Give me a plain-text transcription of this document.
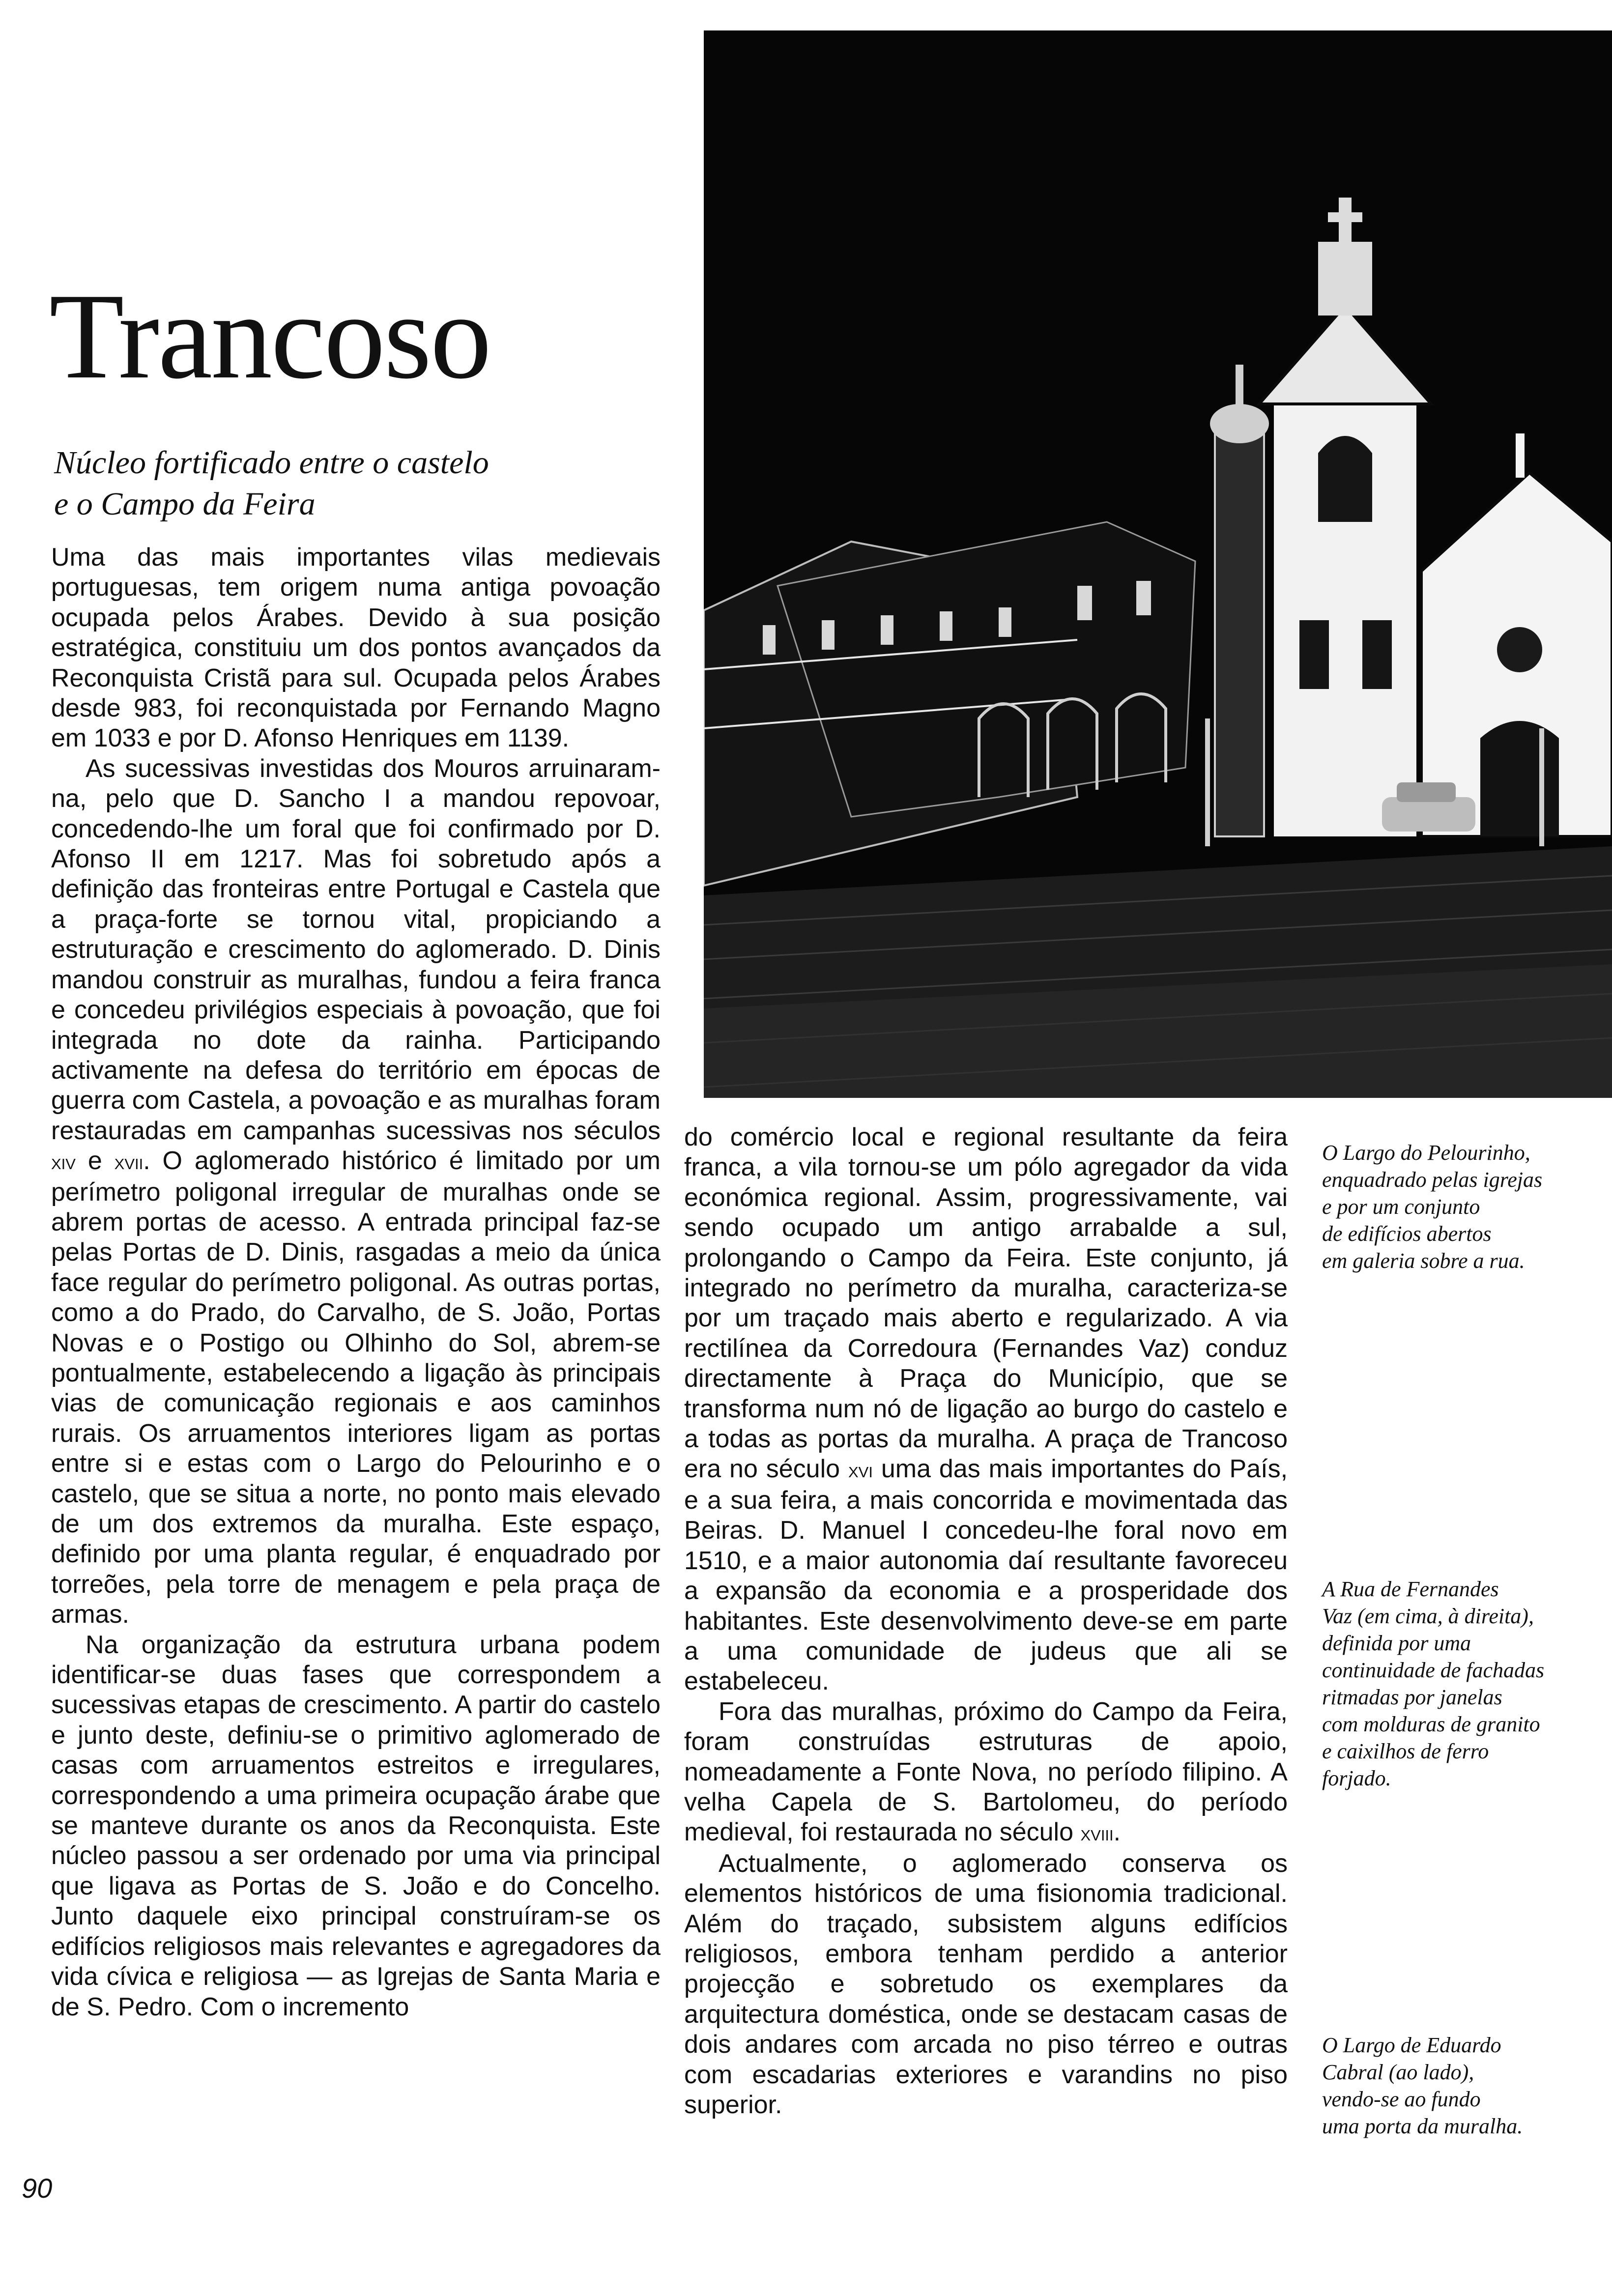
Trancoso
Núcleo fortificado entre o castelo
e o Campo da Feira

Uma das mais importantes vilas medievais portuguesas, tem origem numa antiga povoação ocupada pelos Árabes. Devido à sua posição estratégica, constituiu um dos pontos avançados da Reconquista Cristã para sul. Ocupada pelos Árabes desde 983, foi reconquistada por Fernando Magno em 1033 e por D. Afonso Henriques em 1139.

As sucessivas investidas dos Mouros arruinaram-na, pelo que D. Sancho I a mandou repovoar, concedendo-lhe um foral que foi confirmado por D. Afonso II em 1217. Mas foi sobretudo após a definição das fronteiras entre Portugal e Castela que a praça-forte se tornou vital, propiciando a estruturação e crescimento do aglomerado. D. Dinis mandou construir as muralhas, fundou a feira franca e concedeu privilégios especiais à povoação, que foi integrada no dote da rainha. Participando activamente na defesa do território em épocas de guerra com Castela, a povoação e as muralhas foram restauradas em campanhas sucessivas nos séculos xiv e xvii. O aglomerado histórico é limitado por um perímetro poligonal irregular de muralhas onde se abrem portas de acesso. A entrada principal faz-se pelas Portas de D. Dinis, rasgadas a meio da única face regular do perímetro poligonal. As outras portas, como a do Prado, do Carvalho, de S. João, Portas Novas e o Postigo ou Olhinho do Sol, abrem-se pontualmente, estabelecendo a ligação às principais vias de comunicação regionais e aos caminhos rurais. Os arruamentos interiores ligam as portas entre si e estas com o Largo do Pelourinho e o castelo, que se situa a norte, no ponto mais elevado de um dos extremos da muralha. Este espaço, definido por uma planta regular, é enquadrado por torreões, pela torre de menagem e pela praça de armas.

Na organização da estrutura urbana podem identificar-se duas fases que correspondem a sucessivas etapas de crescimento. A partir do castelo e junto deste, definiu-se o primitivo aglomerado de casas com arruamentos estreitos e irregulares, correspondendo a uma primeira ocupação árabe que se manteve durante os anos da Reconquista. Este núcleo passou a ser ordenado por uma via principal que ligava as Portas de S. João e do Concelho. Junto daquele eixo principal construíram-se os edifícios religiosos mais relevantes e agregadores da vida cívica e religiosa — as Igrejas de Santa Maria e de S. Pedro. Com o incremento

do comércio local e regional resultante da feira franca, a vila tornou-se um pólo agregador da vida económica regional. Assim, progressivamente, vai sendo ocupado um antigo arrabalde a sul, prolongando o Campo da Feira. Este conjunto, já integrado no perímetro da muralha, caracteriza-se por um traçado mais aberto e regularizado. A via rectilínea da Corredoura (Fernandes Vaz) conduz directamente à Praça do Município, que se transforma num nó de ligação ao burgo do castelo e a todas as portas da muralha. A praça de Trancoso era no século xvi uma das mais importantes do País, e a sua feira, a mais concorrida e movimentada das Beiras. D. Manuel I concedeu-lhe foral novo em 1510, e a maior autonomia daí resultante favoreceu a expansão da economia e a prosperidade dos habitantes. Este desenvolvimento deve-se em parte a uma comunidade de judeus que ali se estabeleceu.

Fora das muralhas, próximo do Campo da Feira, foram construídas estruturas de apoio, nomeadamente a Fonte Nova, no período filipino. A velha Capela de S. Bartolomeu, do período medieval, foi restaurada no século xviii.

Actualmente, o aglomerado conserva os elementos históricos de uma fisionomia tradicional. Além do traçado, subsistem alguns edifícios religiosos, embora tenham perdido a anterior projecção e sobretudo os exemplares da arquitectura doméstica, onde se destacam casas de dois andares com arcada no piso térreo e outras com escadarias exteriores e varandins no piso superior.

O Largo do Pelourinho,
enquadrado pelas igrejas
e por um conjunto
de edifícios abertos
em galeria sobre a rua.
A Rua de Fernandes
Vaz (em cima, à direita),
definida por uma
continuidade de fachadas
ritmadas por janelas
com molduras de granito
e caixilhos de ferro
forjado.
O Largo de Eduardo
Cabral (ao lado),
vendo-se ao fundo
uma porta da muralha.
90
